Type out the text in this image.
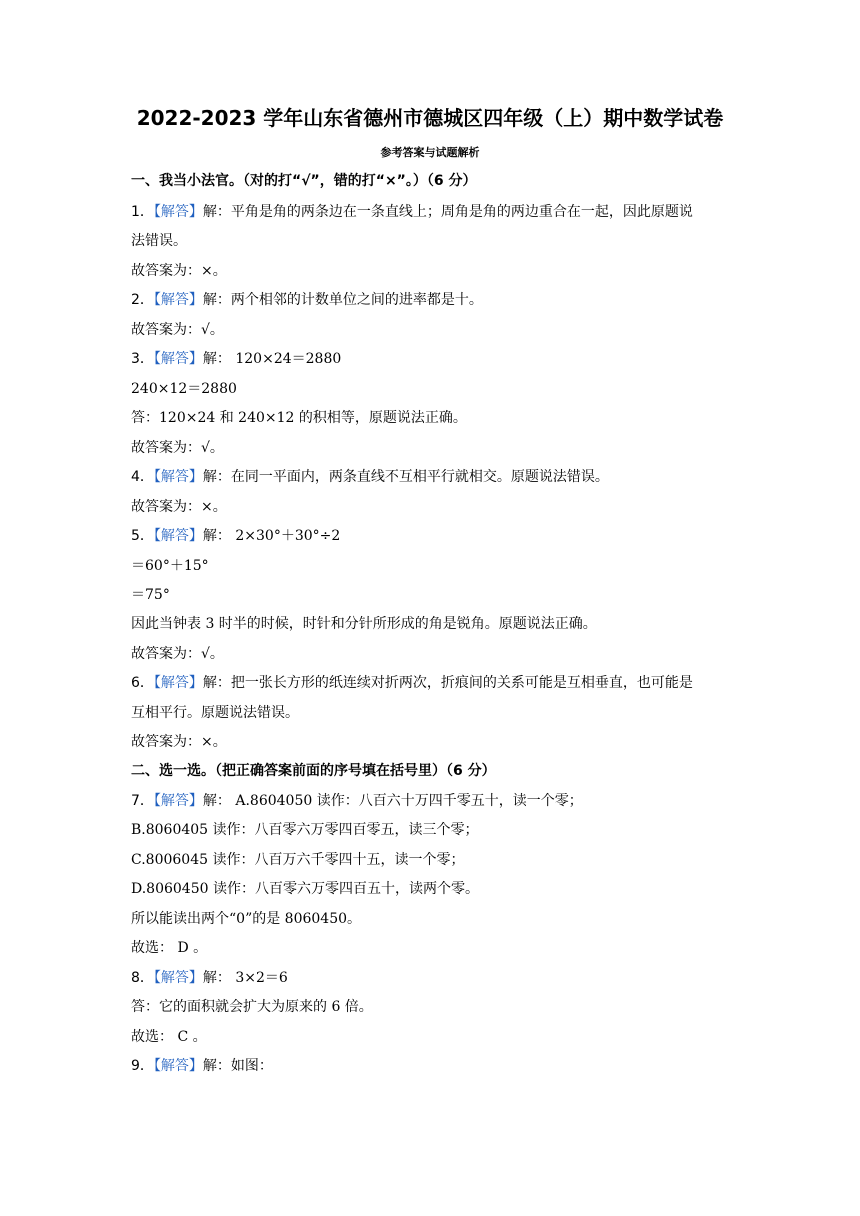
2022-2023 学年山东省德州市德城区四年级（上）期中数学试卷
参考答案与试题解析
一、我当小法官。（对的打“√”，错的打“×”。）（6 分）
1．【解答】解：平角是角的两条边在一条直线上；周角是角的两边重合在一起，因此原题说
法错误。
故答案为：×。
2．【解答】解：两个相邻的计数单位之间的进率都是十。
故答案为：√。
3．【解答】解： 120×24＝2880
240×12＝2880
答：120×24 和 240×12 的积相等，原题说法正确。
故答案为：√。
4．【解答】解：在同一平面内，两条直线不互相平行就相交。原题说法错误。
故答案为：×。
5．【解答】解： 2×30°＋30°÷2
＝60°＋15°
＝75°
因此当钟表 3 时半的时候，时针和分针所形成的角是锐角。原题说法正确。
故答案为：√。
6．【解答】解：把一张长方形的纸连续对折两次，折痕间的关系可能是互相垂直，也可能是
互相平行。原题说法错误。
故答案为：×。
二、选一选。（把正确答案前面的序号填在括号里）（6 分）
7．【解答】解： A.8604050 读作：八百六十万四千零五十，读一个零；
B.8060405 读作：八百零六万零四百零五，读三个零；
C.8006045 读作：八百万六千零四十五，读一个零；
D.8060450 读作：八百零六万零四百五十，读两个零。
所以能读出两个“0”的是 8060450。
故选： D 。
8．【解答】解： 3×2＝6
答：它的面积就会扩大为原来的 6 倍。
故选： C 。
9．【解答】解：如图：
